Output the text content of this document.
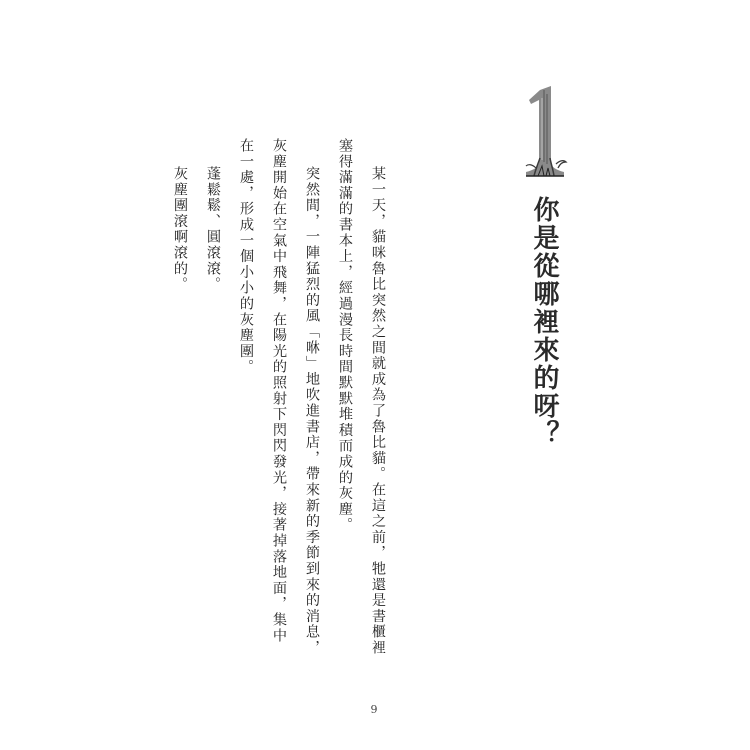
你是從哪裡來的呀？

某一天，貓咪魯比突然之間就成為了魯比貓。在這之前，牠還是書櫃裡塞得滿滿的書本上，經過漫長時間默默堆積而成的灰塵。

突然間，一陣猛烈的風「咻」地吹進書店，帶來新的季節到來的消息，灰塵開始在空氣中飛舞，在陽光的照射下閃閃發光，接著掉落地面，集中在一處，形成一個小小的灰塵團。

蓬鬆鬆、圓滾滾。

灰塵團滾啊滾的。

9
